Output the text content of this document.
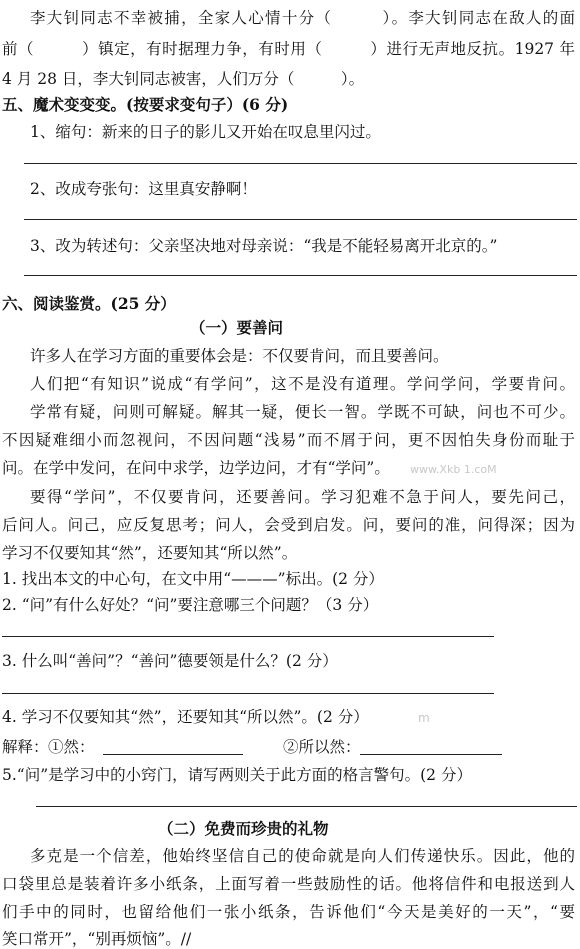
李大钊同志不幸被捕，全家人心情十分（　　　）。李大钊同志在敌人的面
前（　　　）镇定，有时据理力争，有时用（　　　）进行无声地反抗。1927 年
4 月 28 日，李大钊同志被害，人们万分（　　　）。
五、魔术变变变。(按要求变句子）(6 分)
1、缩句：新来的日子的影儿又开始在叹息里闪过。
2、改成夸张句：这里真安静啊！
3、改为转述句：父亲坚决地对母亲说：“我是不能轻易离开北京的。”
六、阅读鉴赏。(25 分）
（一）要善问
许多人在学习方面的重要体会是：不仅要肯问，而且要善问。
人们把“有知识”说成“有学问”，这不是没有道理。学问学问，学要肯问。
学常有疑，问则可解疑。解其一疑，便长一智。学既不可缺，问也不可少。
不因疑难细小而忽视问，不因问题“浅易”而不屑于问，更不因怕失身份而耻于
问。在学中发问，在问中求学，边学边问，才有“学问”。 www.Xkb 1.coM
要得“学问”，不仅要肯问，还要善问。学习犯难不急于问人，要先问己，
后问人。问己，应反复思考；问人，会受到启发。问，要问的准，问得深；因为
学习不仅要知其“然”，还要知其“所以然”。
1. 找出本文的中心句，在文中用“———”标出。(2 分）
2. “问”有什么好处？“问”要注意哪三个问题？（3 分）
3. 什么叫“善问”？“善问”德要领是什么？(2 分）
4. 学习不仅要知其“然”，还要知其“所以然”。(2 分）	m
解释： ①然：	②所以然：
5.“问”是学习中的小窍门，请写两则关于此方面的格言警句。(2 分）
（二）免费而珍贵的礼物
多克是一个信差，他始终坚信自己的使命就是向人们传递快乐。因此，他的
口袋里总是装着许多小纸条，上面写着一些鼓励性的话。他将信件和电报送到人
们手中的同时，也留给他们一张小纸条，告诉他们“今天是美好的一天”，“要
笑口常开”，“别再烦恼”。//
